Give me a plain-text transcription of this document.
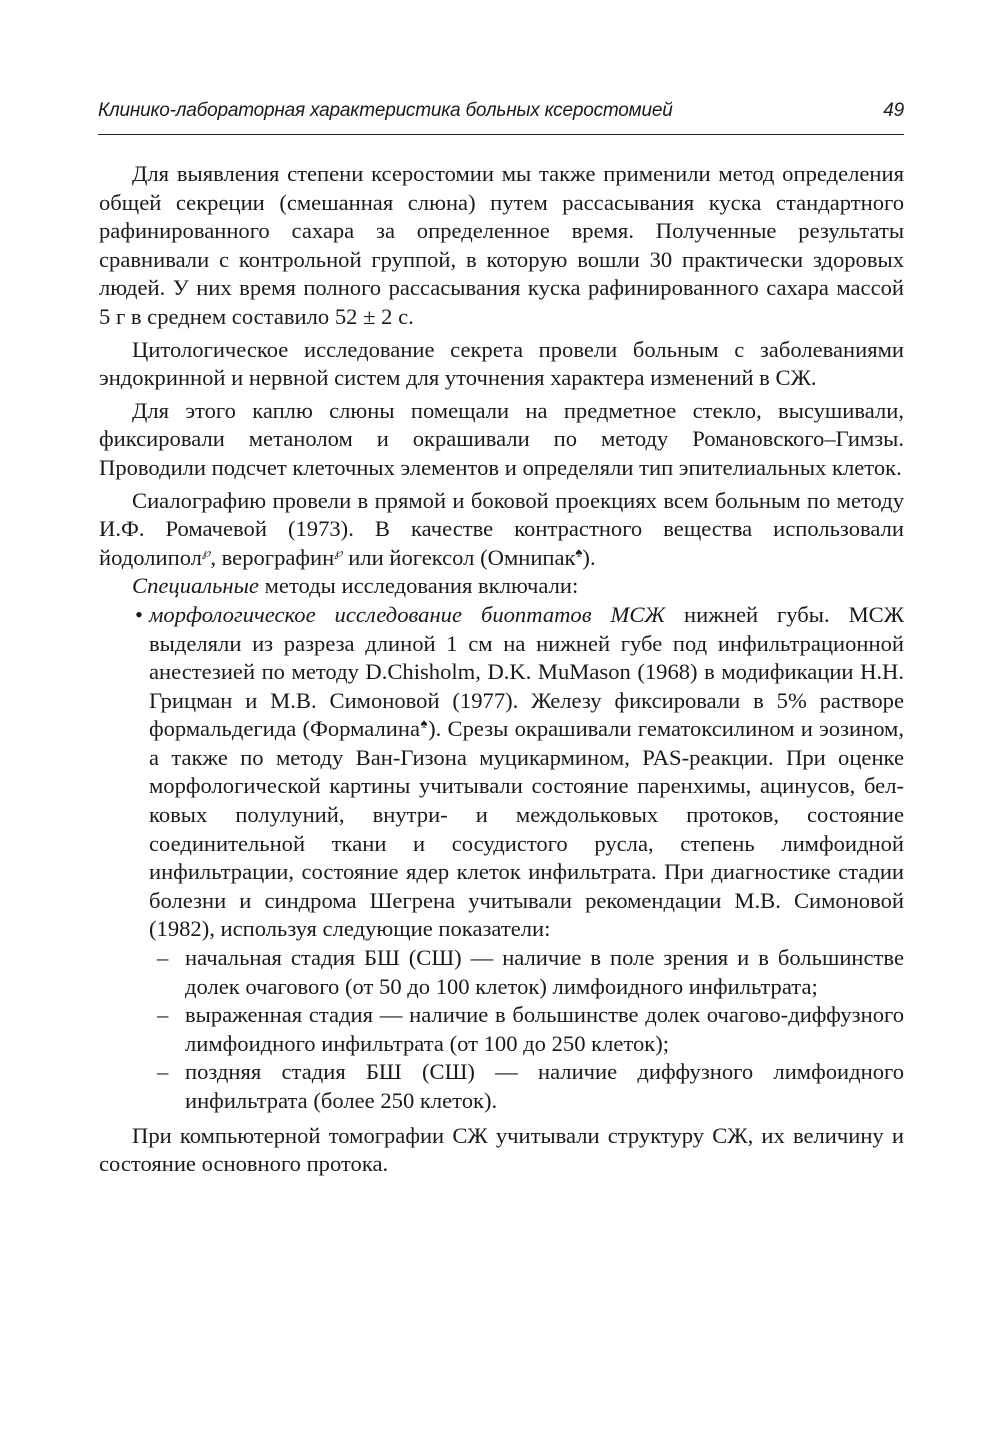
Клинико-лабораторная характеристика больных ксеростомией	49

Для выявления степени ксеростомии мы также применили метод определения общей секреции (смешанная слюна) путем рассасывания куска стандартного рафинированного сахара за определенное время. Полученные результаты сравнивали с контрольной группой, в которую вошли 30 практически здоровых людей. У них время полного рассасывания куска рафинированного сахара массой 5 г в среднем составило 52 ± 2 с.

Цитологическое исследование секрета провели больным с заболеваниями эндокринной и нервной систем для уточнения характера изменений в СЖ.

Для этого каплю слюны помещали на предметное стекло, высушивали, фиксировали метанолом и окрашивали по методу Романовского–Гимзы. Проводили подсчет клеточных элементов и определяли тип эпителиальных клеток.

Сиалографию провели в прямой и боковой проекциях всем больным по методу И.Ф. Ромачевой (1973). В качестве контрастного вещества использовали йодолипол℘, верографин℘ или йогексол (Омнипак♠).

Специальные методы исследования включали:

• морфологическое исследование биоптатов МСЖ нижней губы. МСЖ выделяли из разреза длиной 1 см на нижней губе под инфильтрационной анестезией по методу D.Chisholm, D.K. MuMason (1968) в модификации Н.Н. Грицман и М.В. Симоновой (1977). Железу фиксировали в 5% растворе формальдегида (Формалина♠). Срезы окрашивали гематоксилином и эозином, а также по методу Ван-Гизона муцикармином, PAS-реакции. При оценке морфологической картины учитывали состояние паренхимы, ацинусов, белковых полулуний, внутри- и междольковых протоков, состояние соединительной ткани и сосудистого русла, степень лимфоидной инфильтрации, состояние ядер клеток инфильтрата. При диагностике стадии болезни и синдрома Шегрена учитывали рекомендации М.В. Симоновой (1982), используя следующие показатели:
– начальная стадия БШ (СШ) — наличие в поле зрения и в большинстве долек очагового (от 50 до 100 клеток) лимфоидного инфильтрата;
– выраженная стадия — наличие в большинстве долек очагово-диффузного лимфоидного инфильтрата (от 100 до 250 клеток);
– поздняя стадия БШ (СШ) — наличие диффузного лимфоидного инфильтрата (более 250 клеток).

При компьютерной томографии СЖ учитывали структуру СЖ, их величину и состояние основного протока.
